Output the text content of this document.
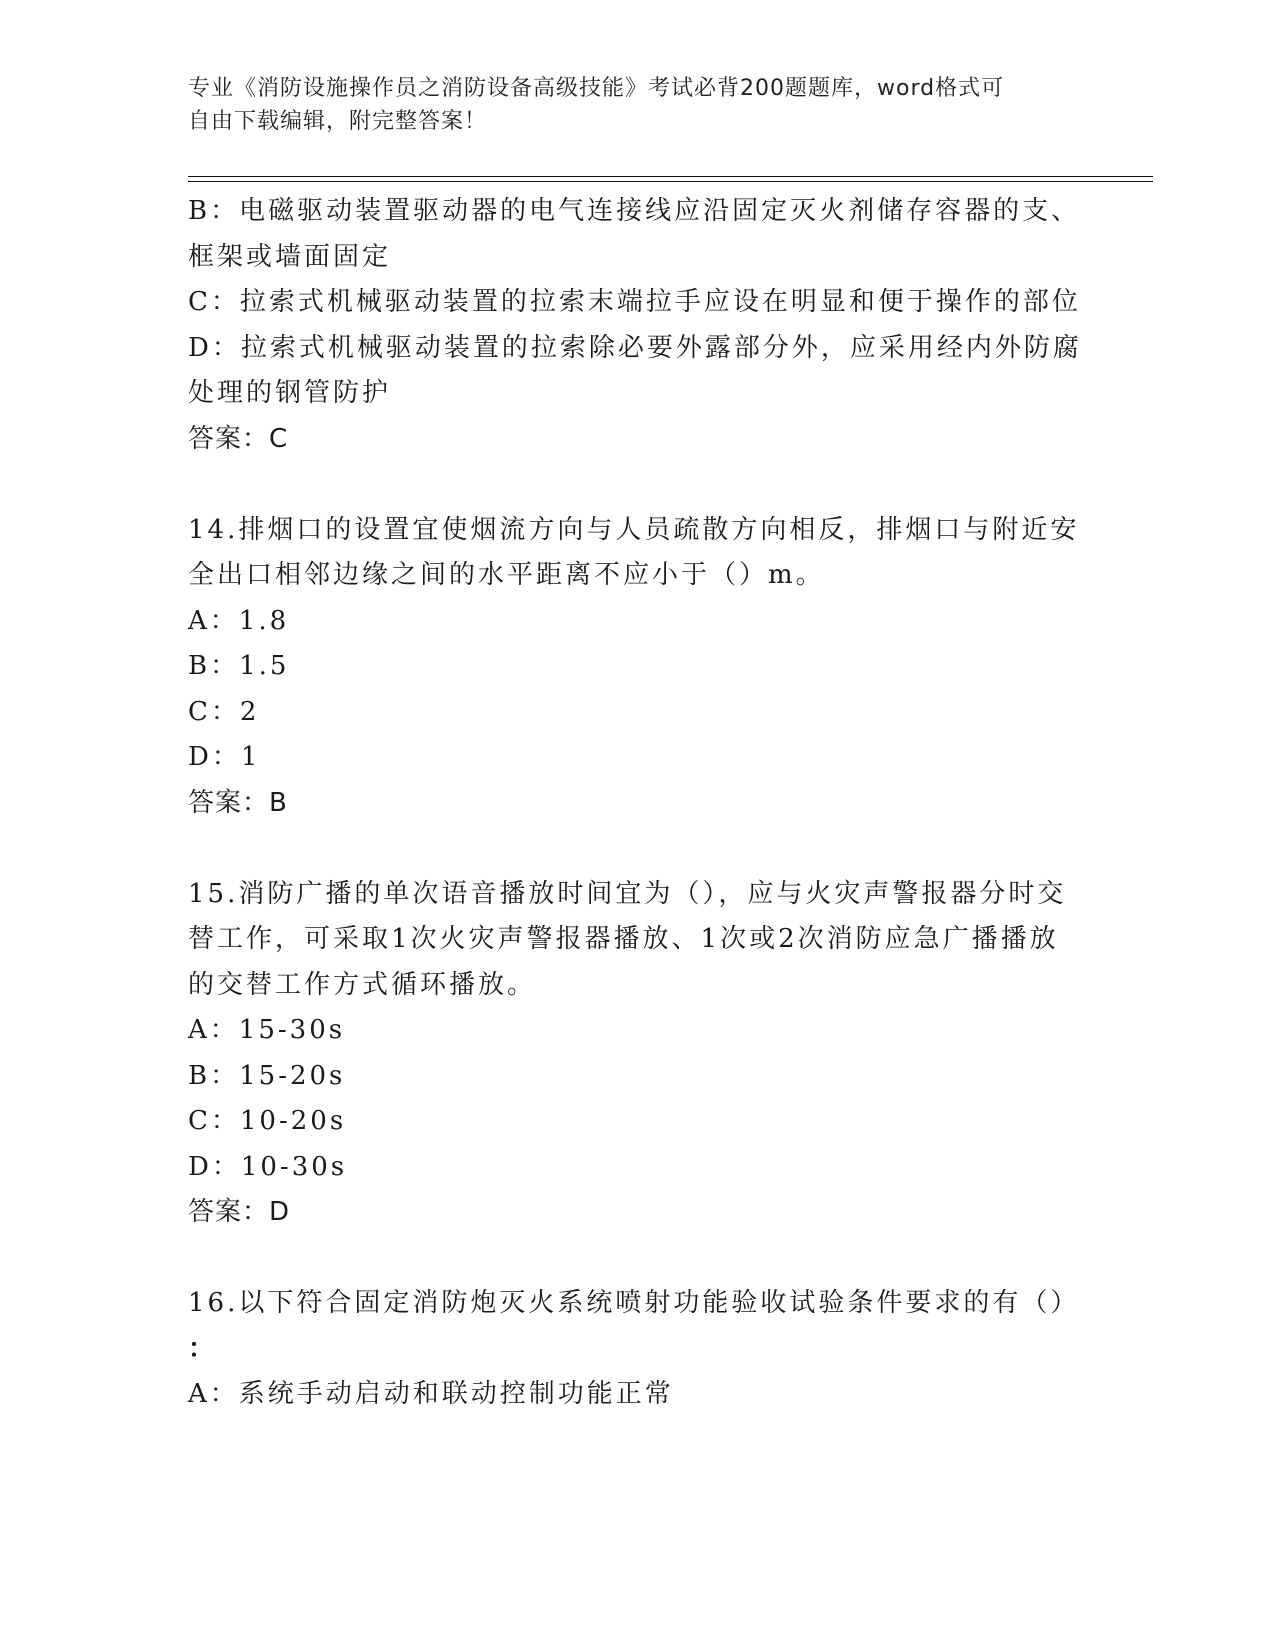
专业《消防设施操作员之消防设备高级技能》考试必背200题题库，word格式可
自由下载编辑，附完整答案！
B：电磁驱动装置驱动器的电气连接线应沿固定灭火剂储存容器的支、
框架或墙面固定
C：拉索式机械驱动装置的拉索末端拉手应设在明显和便于操作的部位
D：拉索式机械驱动装置的拉索除必要外露部分外，应采用经内外防腐
处理的钢管防护
答案：C
14.排烟口的设置宜使烟流方向与人员疏散方向相反，排烟口与附近安
全出口相邻边缘之间的水平距离不应小于（）m。
A：1.8
B：1.5
C：2
D：1
答案：B
15.消防广播的单次语音播放时间宜为（），应与火灾声警报器分时交
替工作，可采取1次火灾声警报器播放、1次或2次消防应急广播播放
的交替工作方式循环播放。
A：15-30s
B：15-20s
C：10-20s
D：10-30s
答案：D
16.以下符合固定消防炮灭火系统喷射功能验收试验条件要求的有（）
：
A：系统手动启动和联动控制功能正常
